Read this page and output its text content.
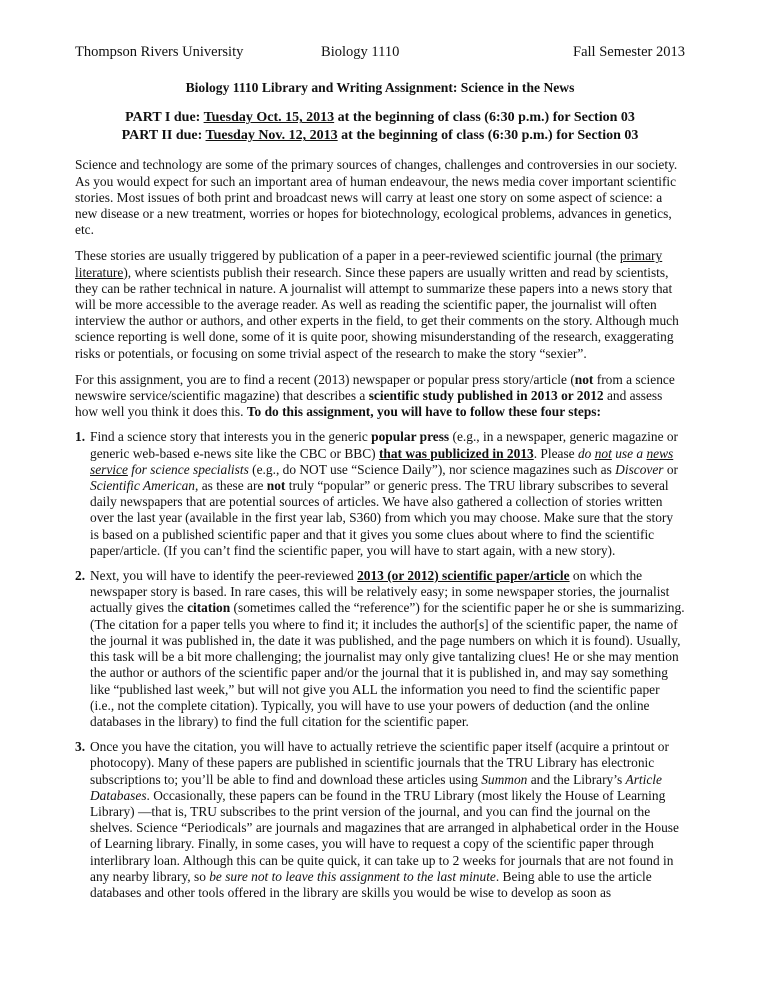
Thompson Rivers University	Biology 1110	Fall Semester 2013
Biology 1110 Library and Writing Assignment: Science in the News
PART I due: Tuesday Oct. 15, 2013 at the beginning of class (6:30 p.m.) for Section 03
PART II due: Tuesday Nov. 12, 2013 at the beginning of class (6:30 p.m.) for Section 03

Science and technology are some of the primary sources of changes, challenges and controversies in our society. As you would expect for such an important area of human endeavour, the news media cover important scientific stories. Most issues of both print and broadcast news will carry at least one story on some aspect of science: a new disease or a new treatment, worries or hopes for biotechnology, ecological problems, advances in genetics, etc.

These stories are usually triggered by publication of a paper in a peer-reviewed scientific journal (the primary literature), where scientists publish their research. Since these papers are usually written and read by scientists, they can be rather technical in nature. A journalist will attempt to summarize these papers into a news story that will be more accessible to the average reader. As well as reading the scientific paper, the journalist will often interview the author or authors, and other experts in the field, to get their comments on the story. Although much science reporting is well done, some of it is quite poor, showing misunderstanding of the research, exaggerating risks or potentials, or focusing on some trivial aspect of the research to make the story “sexier”.

For this assignment, you are to find a recent (2013) newspaper or popular press story/article (not from a science newswire service/scientific magazine) that describes a scientific study published in 2013 or 2012 and assess how well you think it does this. To do this assignment, you will have to follow these four steps:

1. Find a science story that interests you in the generic popular press (e.g., in a newspaper, generic magazine or generic web-based e-news site like the CBC or BBC) that was publicized in 2013. Please do not use a news service for science specialists (e.g., do NOT use “Science Daily”), nor science magazines such as Discover or Scientific American, as these are not truly “popular” or generic press. The TRU library subscribes to several daily newspapers that are potential sources of articles. We have also gathered a collection of stories written over the last year (available in the first year lab, S360) from which you may choose. Make sure that the story is based on a published scientific paper and that it gives you some clues about where to find the scientific paper/article. (If you can’t find the scientific paper, you will have to start again, with a new story).
2. Next, you will have to identify the peer-reviewed 2013 (or 2012) scientific paper/article on which the newspaper story is based. In rare cases, this will be relatively easy; in some newspaper stories, the journalist actually gives the citation (sometimes called the “reference”) for the scientific paper he or she is summarizing. (The citation for a paper tells you where to find it; it includes the author[s] of the scientific paper, the name of the journal it was published in, the date it was published, and the page numbers on which it is found). Usually, this task will be a bit more challenging; the journalist may only give tantalizing clues! He or she may mention the author or authors of the scientific paper and/or the journal that it is published in, and may say something like “published last week,” but will not give you ALL the information you need to find the scientific paper (i.e., not the complete citation). Typically, you will have to use your powers of deduction (and the online databases in the library) to find the full citation for the scientific paper.
3. Once you have the citation, you will have to actually retrieve the scientific paper itself (acquire a printout or photocopy). Many of these papers are published in scientific journals that the TRU Library has electronic subscriptions to; you’ll be able to find and download these articles using Summon and the Library’s Article Databases. Occasionally, these papers can be found in the TRU Library (most likely the House of Learning Library) —that is, TRU subscribes to the print version of the journal, and you can find the journal on the shelves. Science “Periodicals” are journals and magazines that are arranged in alphabetical order in the House of Learning library. Finally, in some cases, you will have to request a copy of the scientific paper through interlibrary loan. Although this can be quite quick, it can take up to 2 weeks for journals that are not found in any nearby library, so be sure not to leave this assignment to the last minute. Being able to use the article databases and other tools offered in the library are skills you would be wise to develop as soon as
